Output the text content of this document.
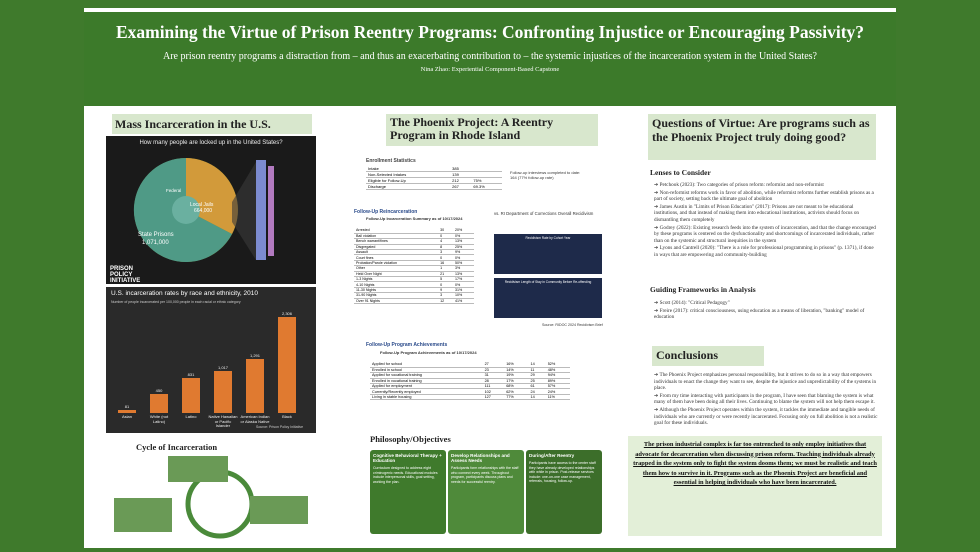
Examining the Virtue of Prison Reentry Programs: Confronting Injustice or Encouraging Passivity?
Are prison reentry programs a distraction from – and thus an exacerbating contribution to – the systemic injustices of the incarceration system in the United States?
Nina Zhao: Experiential Component-Based Capstone
Mass Incarceration in the U.S.
How many people are locked up in the United States?
Local Jails
664,000
State Prisons
1,071,000
Federal
PRISON POLICY INITIATIVE
U.S. incarceration rates by race and ethnicity, 2010
Number of people incarcerated per 100,000 people in each racial or ethnic category
81
Asian
450
White (not Latino)
831
Latino
1,017
Native Hawaiian or Pacific Islander
1,291
American Indian or Alaska Native
2,306
Black
Source: Prison Policy Initiative
Cycle of Incarceration
The Phoenix Project: A Reentry Program in Rhode Island
Enrollment Statistics
Intake	385	
Non-Selected Intakes	139	
Eligible for Follow-Up	212	75%
Discharge	267	69.3%
Follow-up interviews completed to date: 164 (77% follow-up rate)
Follow-Up Reincarceration
Follow-Up Incarceration Summary as of 10/17/2024
Arrested	30	20%
Bail violation	0	0%
Bench warrant/fines	4	13%
Disgregated	8	25%
Assault	3	9%
Court fines	0	0%
Probation/Parole violation	16	50%
Other	1	3%
Held Over Night	21	13%
1-3 Nights	5	17%
4-10 Nights	0	0%
11-30 Nights	9	31%
31-90 Nights	3	10%
Over 91 Nights	12	41%
vs. RI Department of Corrections Overall Recidivism
Recidivism Rate by Cohort Year
Recidivism Length of Stay in Community Before Re-offending
Source: RIDOC 2024 Recidivism Brief
Follow-Up Program Achievements
Follow-Up Program Achievements as of 10/17/2024
Applied for school	27	16%	14	52%
Enrolled in school	23	14%	11	48%
Applied for vocational training	31	19%	29	94%
Enrolled in vocational training	28	17%	25	89%
Applied for employment	111	68%	61	57%
Currently/Recently employed	102	62%	24	24%
Living in stable housing	127	77%	14	11%
Philosophy/Objectives
Cognitive Behavioral Therapy + Education
Curriculum designed to address eight criminogenic needs. Educational modules include interpersonal skills, goal setting, working the plan.
Develop Relationships and Assess Needs
Participants form relationships with the staff who connect every week. Throughout program, participants discuss plans and needs for successful reentry.
During/After Reentry
Participants have access to the center staff they have already developed relationships with while in prison. Post-release services include: one-on-one case management, referrals, housing, follow-up.
Questions of Virtue: Are programs such as the Phoenix Project truly doing good?
Lenses to Consider
➔ Petchook (2023): Two categories of prison reform: reformist and non-reformist
➔ Non-reformist reforms work in favor of abolition, while reformist reforms further establish prisons as a part of society, setting back the ultimate goal of abolition
➔ James Austin in "Limits of Prison Education" (2017): Prisons are not meant to be educational institutions, and that instead of making them into educational institutions, activists should focus on dismantling them completely
➔ Godrey (2022): Existing research feeds into the system of incarceration, and that the change encouraged by these programs is centered on the dysfunctionality and shortcomings of incarcerated individuals, rather than on the systemic and structural inequities in the system
➔ Lyons and Cantrell (2020): "There is a role for professional programming in prisons" (p. 1371), if done in ways that are empowering and community-building
Guiding Frameworks in Analysis
➔ Scott (2014): "Critical Pedagogy"
➔ Freire (2017): critical consciousness, using education as a means of liberation, "banking" model of education
Conclusions
➔ The Phoenix Project emphasizes personal responsibility, but it strives to do so in a way that empowers individuals to enact the change they want to see, despite the injustice and unpredictability of the systems in place.
➔ From my time interacting with participants in the program, I have seen that blaming the system is what many of them have been doing all their lives. Continuing to blame the system will not help them escape it.
➔ Although the Phoenix Project operates within the system, it tackles the immediate and tangible needs of individuals who are currently or were recently incarcerated. Focusing only on full abolition is not a realistic goal for these individuals.
The prison industrial complex is far too entrenched to only employ initiatives that advocate for decarceration when discussing prison reform. Teaching individuals already trapped in the system only to fight the system dooms them; we must be realistic and teach them how to survive in it. Programs such as the Phoenix Project are beneficial and essential in helping individuals who have been incarcerated.
